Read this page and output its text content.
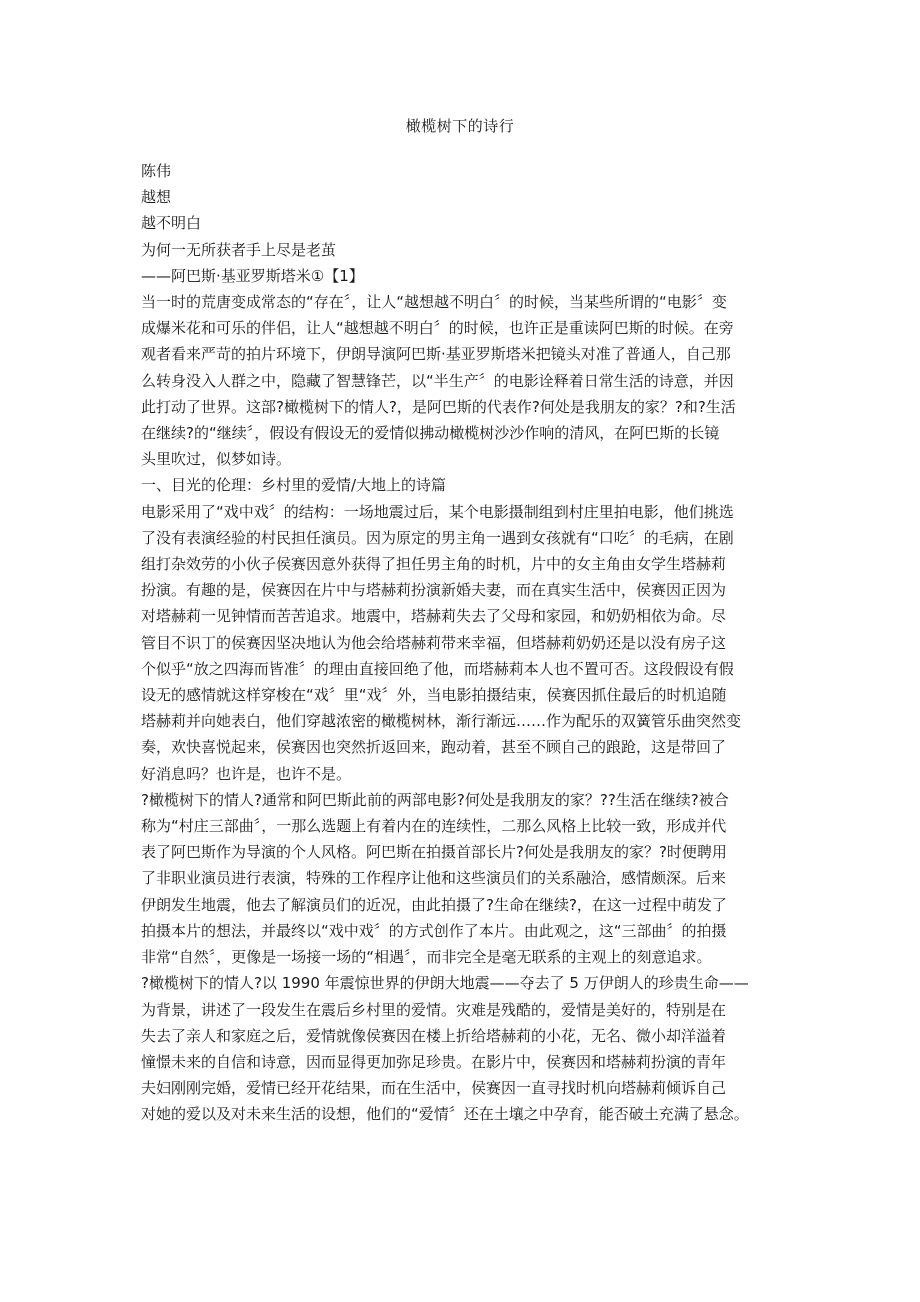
橄榄树下的诗行
陈伟
越想
越不明白
为何一无所获者手上尽是老茧
——阿巴斯·基亚罗斯塔米①【1】
当一时的荒唐变成常态的“存在〞，让人“越想越不明白〞的时候，当某些所谓的“电影〞变
成爆米花和可乐的伴侣，让人“越想越不明白〞的时候，也许正是重读阿巴斯的时候。在旁
观者看来严苛的拍片环境下，伊朗导演阿巴斯·基亚罗斯塔米把镜头对准了普通人，自己那
么转身没入人群之中，隐藏了智慧锋芒，以“半生产〞的电影诠释着日常生活的诗意，并因
此打动了世界。这部?橄榄树下的情人?，是阿巴斯的代表作?何处是我朋友的家？?和?生活
在继续?的“继续〞，假设有假设无的爱情似拂动橄榄树沙沙作响的清风，在阿巴斯的长镜
头里吹过，似梦如诗。
一、目光的伦理：乡村里的爱情/大地上的诗篇
电影采用了“戏中戏〞的结构：一场地震过后，某个电影摄制组到村庄里拍电影，他们挑选
了没有表演经验的村民担任演员。因为原定的男主角一遇到女孩就有“口吃〞的毛病，在剧
组打杂效劳的小伙子侯赛因意外获得了担任男主角的时机，片中的女主角由女学生塔赫莉
扮演。有趣的是，侯赛因在片中与塔赫莉扮演新婚夫妻，而在真实生活中，侯赛因正因为
对塔赫莉一见钟情而苦苦追求。地震中，塔赫莉失去了父母和家园，和奶奶相依为命。尽
管目不识丁的侯赛因坚决地认为他会给塔赫莉带来幸福，但塔赫莉奶奶还是以没有房子这
个似乎“放之四海而皆准〞的理由直接回绝了他，而塔赫莉本人也不置可否。这段假设有假
设无的感情就这样穿梭在“戏〞里“戏〞外，当电影拍摄结束，侯赛因抓住最后的时机追随
塔赫莉并向她表白，他们穿越浓密的橄榄树林，渐行渐远……作为配乐的双簧管乐曲突然变
奏，欢快喜悦起来，侯赛因也突然折返回来，跑动着，甚至不顾自己的踉跄，这是带回了
好消息吗？也许是，也许不是。
?橄榄树下的情人?通常和阿巴斯此前的两部电影?何处是我朋友的家？??生活在继续?被合
称为“村庄三部曲〞，一那么选题上有着内在的连续性，二那么风格上比较一致，形成并代
表了阿巴斯作为导演的个人风格。阿巴斯在拍摄首部长片?何处是我朋友的家？?时便聘用
了非职业演员进行表演，特殊的工作程序让他和这些演员们的关系融洽，感情颇深。后来
伊朗发生地震，他去了解演员们的近况，由此拍摄了?生命在继续?，在这一过程中萌发了
拍摄本片的想法，并最终以“戏中戏〞的方式创作了本片。由此观之，这“三部曲〞的拍摄
非常“自然〞，更像是一场接一场的“相遇〞，而非完全是毫无联系的主观上的刻意追求。
?橄榄树下的情人?以 1990 年震惊世界的伊朗大地震——夺去了 5 万伊朗人的珍贵生命——
为背景，讲述了一段发生在震后乡村里的爱情。灾难是残酷的，爱情是美好的，特别是在
失去了亲人和家庭之后，爱情就像侯赛因在楼上折给塔赫莉的小花，无名、微小却洋溢着
憧憬未来的自信和诗意，因而显得更加弥足珍贵。在影片中，侯赛因和塔赫莉扮演的青年
夫妇刚刚完婚，爱情已经开花结果，而在生活中，侯赛因一直寻找时机向塔赫莉倾诉自己
对她的爱以及对未来生活的设想，他们的“爱情〞还在土壤之中孕育，能否破土充满了悬念。
